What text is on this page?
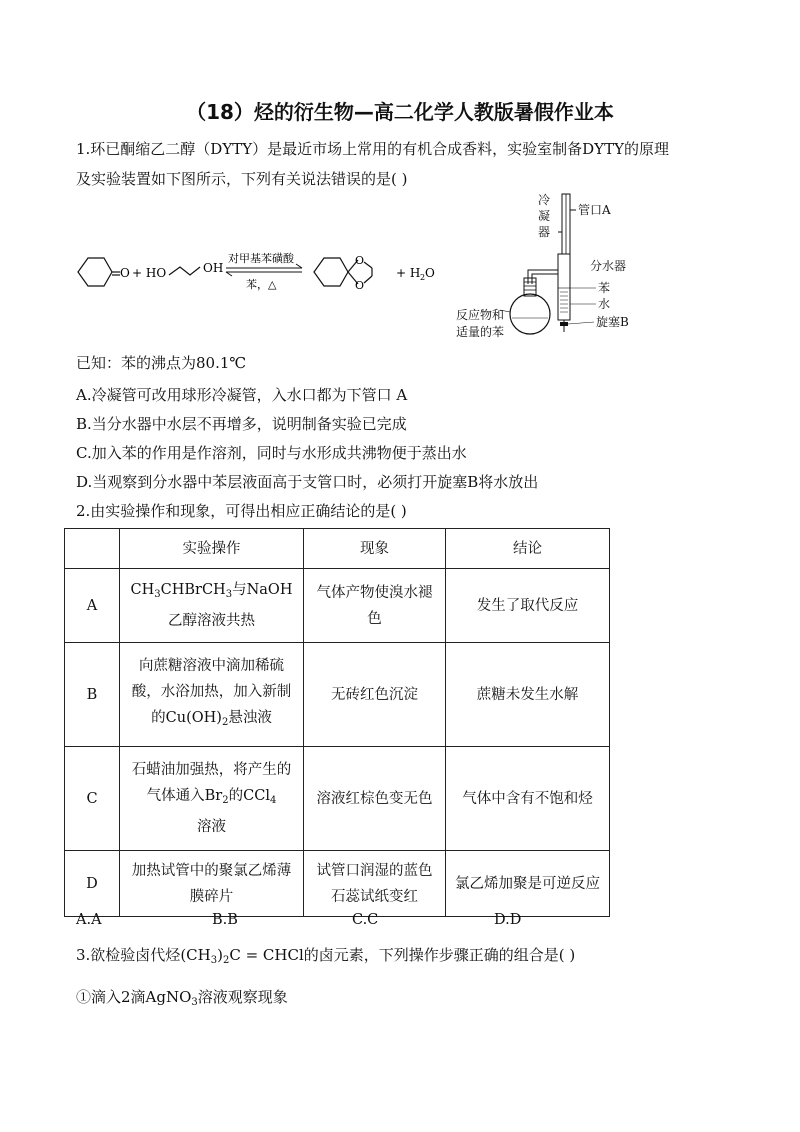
（18）烃的衍生物—高二化学人教版暑假作业本
1.环已酮缩乙二醇（DYTY）是最近市场上常用的有机合成香料，实验室制备DYTY的原理
及实验装置如下图所示，下列有关说法错误的是( )
O + HO	OH
对甲基苯磺酸
苯，△
O
O
+ H 2 O
冷
凝
器
管口A
分水器
苯
水
旋塞B
反应物和
适量的苯
已知：苯的沸点为80.1℃
A.冷凝管可改用球形冷凝管，入水口都为下管口 A
B.当分水器中水层不再增多，说明制备实验已完成
C.加入苯的作用是作溶剂，同时与水形成共沸物便于蒸出水
D.当观察到分水器中苯层液面高于支管口时，必须打开旋塞B将水放出
2.由实验操作和现象，可得出相应正确结论的是( )
	实验操作	现象	结论
A	$CH_3CHBrCH_3$与NaOH
乙醇溶液共热	气体产物使溴水褪色	发生了取代反应
B	向蔗糖溶液中滴加稀硫酸，水浴加热，加入新制的$Cu(OH)_2$悬浊液	无砖红色沉淀	蔗糖未发生水解
C	石蜡油加强热，将产生的气体通入$Br_2$的CCl$_4$
溶液	溶液红棕色变无色	气体中含有不饱和烃
D	加热试管中的聚氯乙烯薄膜碎片	试管口润湿的蓝色石蕊试纸变红	氯乙烯加聚是可逆反应
A.A	B.B	C.C	D.D
3.欲检验卤代烃$(CH_3)_2C$ = CHCl的卤元素，下列操作步骤正确的组合是( )
①滴入2滴AgNO$_3$溶液观察现象
